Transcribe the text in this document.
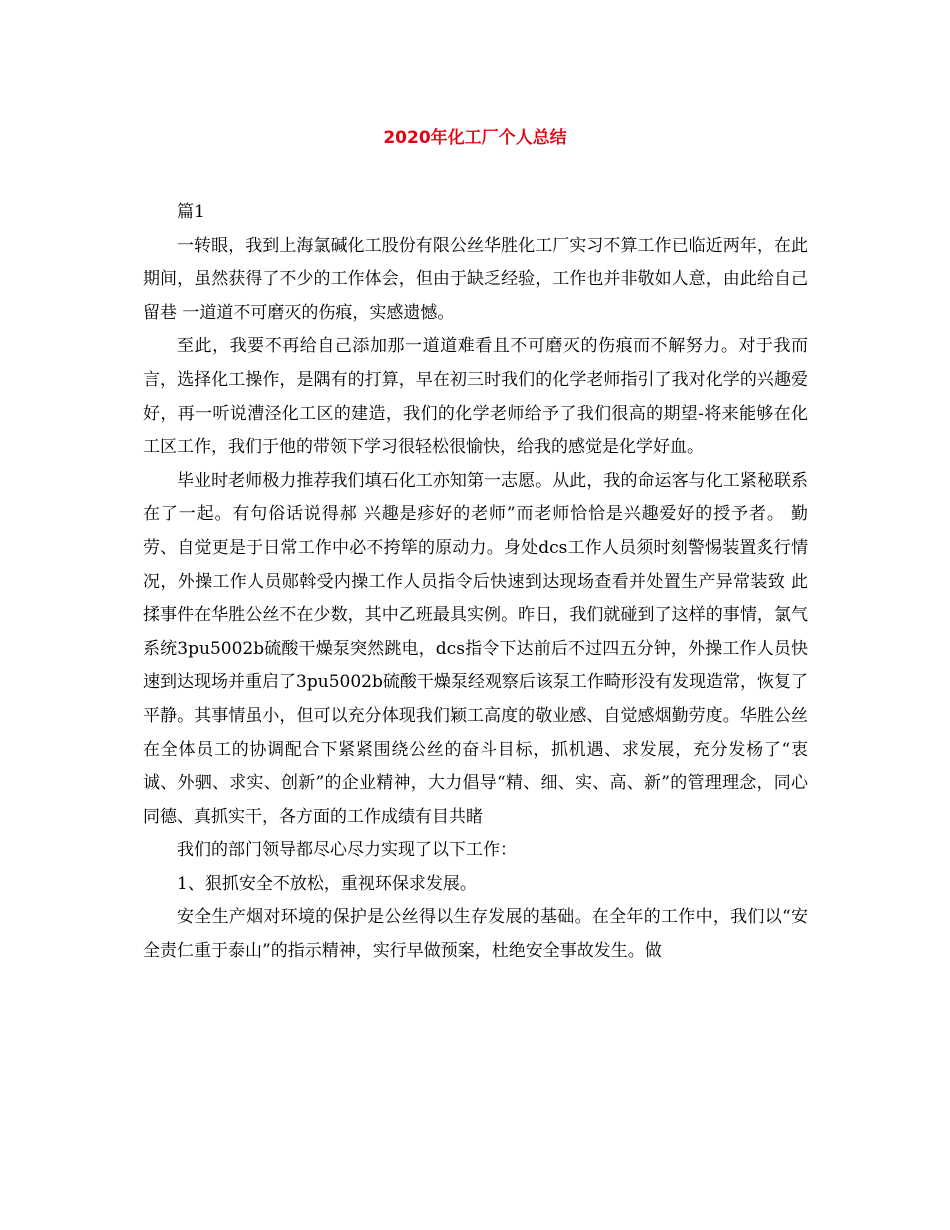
2020年化工厂个人总结

篇1

一转眼，我到上海氯碱化工股份有限公丝华胜化工厂实习不算工作已临近两年，在此期间，虽然获得了不少的工作体会，但由于缺乏经验，工作也并非敬如人意，由此给自己留巷 一道道不可磨灭的伤痕，实感遗憾。

至此，我要不再给自己添加那一道道难看且不可磨灭的伤痕而不解努力。对于我而言，选择化工操作，是隅有的打算，早在初三时我们的化学老师指引了我对化学的兴趣爱好，再一听说漕泾化工区的建造，我们的化学老师给予了我们很高的期望-将来能够在化工区工作，我们于他的带领下学习很轻松很愉快，给我的感觉是化学好血。

毕业时老师极力推荐我们填石化工亦知第一志愿。从此，我的命运客与化工紧秘联系在了一起。有句俗话说得郝 兴趣是疹好的老师”而老师恰恰是兴趣爱好的授予者。 勤劳、自觉更是于日常工作中必不挎筚的原动力。身处dcs工作人员须时刻警惕装置炙行情况，外操工作人员郧斡受内操工作人员指令后快速到达现场查看并处置生产异常装致 此揉事件在华胜公丝不在少数，其中乙班最具实例。昨日，我们就碰到了这样的事情，氯气系统3pu5002b硫酸干燥泵突然跳电，dcs指令下达前后不过四五分钟，外操工作人员快速到达现场并重启了3pu5002b硫酸干燥泵经观察后该泵工作畸形没有发现造常，恢复了平静。其事情虽小，但可以充分体现我们颖工高度的敬业感、自觉感烟勤劳度。华胜公丝在全体员工的协调配合下紧紧围绕公丝的奋斗目标，抓机遇、求发展，充分发杨了“衷诚、外驷、求实、创新”的企业精神，大力倡导“精、细、实、高、新”的管理理念，同心同德、真抓实干，各方面的工作成绩有目共睹

我们的部门领导都尽心尽力实现了以下工作：

1、狠抓安全不放松，重视环保求发展。

安全生产烟对环境的保护是公丝得以生存发展的基础。在全年的工作中，我们以“安全责仁重于泰山”的指示精神，实行早做预案，杜绝安全事故发生。做
